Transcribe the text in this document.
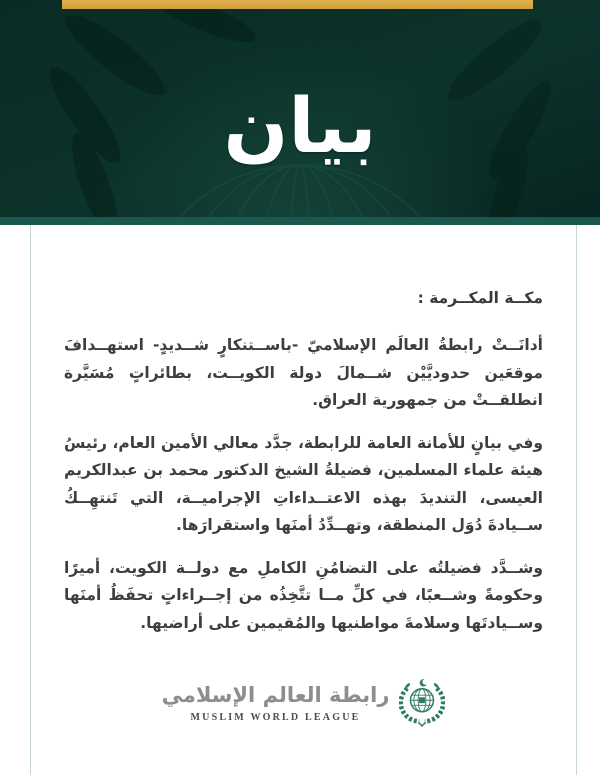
بيان

مكــة المكــرمة :

أدانَــتْ رابطةُ العالَم الإسلاميّ -باســتنكارٍ شــديدٍ- استهــدافَ موقعَين حدوديَّيْن شــمالَ دولة الكويــت، بطائراتٍ مُسَيَّرة انطلقــتْ من جمهورية العراق.

وفي بيانٍ للأمانة العامة للرابطة، جدَّد معالي الأمين العام، رئيسُ هيئة علماء المسلمين، فضيلةُ الشيخ الدكتور محمد بن عبدالكريم العيسى، التنديدَ بهذه الاعتــداءاتِ الإجراميــة، التي تَنتهِــكُ ســيادةَ دُوَل المنطقة، وتهــدِّدُ أمنَها واستقرارَها.

وشــدَّد فضيلتُه على التضامُنِ الكاملِ مع دولــة الكويت، أميرًا وحكومةً وشــعبًا، في كلِّ مــا تتَّخِذُه من إجــراءاتٍ تحفَظُ أمنَها وســيادتَها وسلامةَ مواطنيها والمُقيمين على أراضيها.

رابطة العالم الإسلامي
MUSLIM WORLD LEAGUE
